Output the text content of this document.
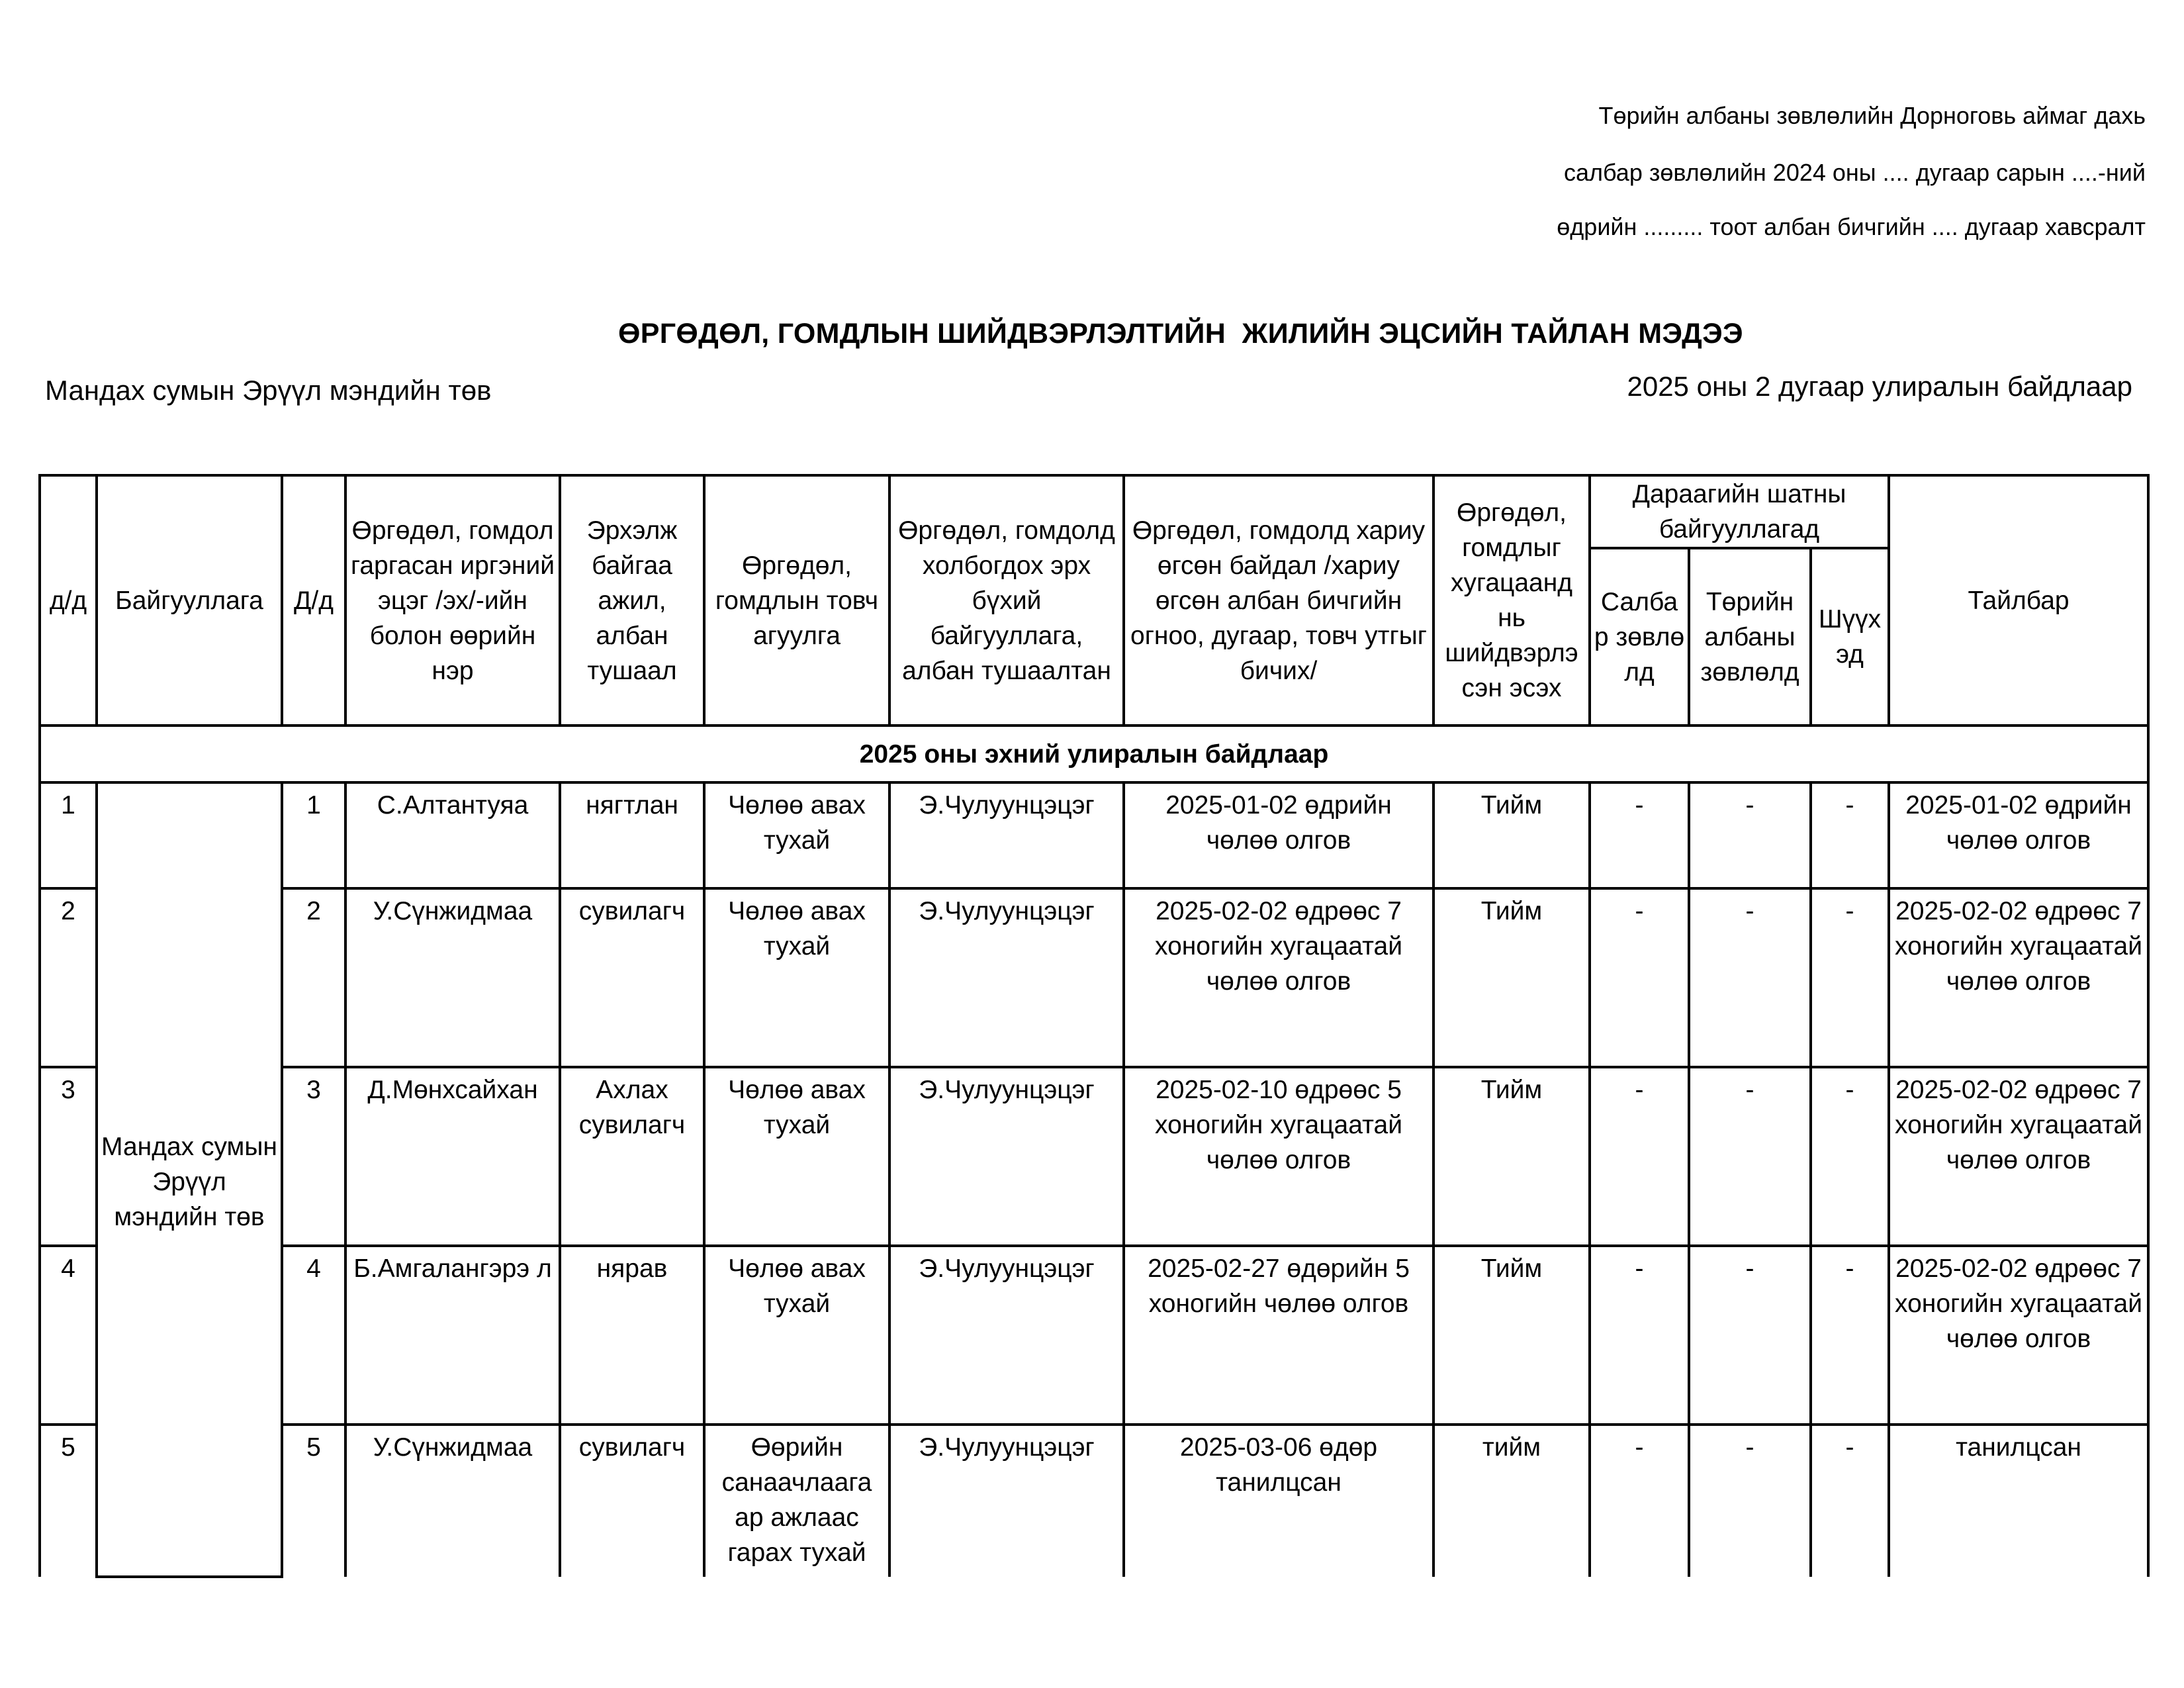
Төрийн албаны зөвлөлийн Дорноговь аймаг дахь
салбар зөвлөлийн 2024 оны .... дугаар сарын ....-ний
өдрийн ......... тоот албан бичгийн .... дугаар хавсралт
ӨРГӨДӨЛ, ГОМДЛЫН ШИЙДВЭРЛЭЛТИЙН  ЖИЛИЙН ЭЦСИЙН ТАЙЛАН МЭДЭЭ
Мандах сумын Эрүүл мэндийн төв	2025 оны 2 дугаар улиралын байдлаар
д/д	Байгууллага	Д/д	Өргөдөл, гомдол гаргасан иргэний эцэг /эх/-ийн болон өөрийн нэр	Эрхэлж байгаа ажил, албан тушаал	Өргөдөл, гомдлын товч агуулга	Өргөдөл, гомдолд холбогдох эрх бүхий байгууллага, албан тушаалтан	Өргөдөл, гомдолд хариу өгсөн байдал /хариу өгсөн албан бичгийн огноо, дугаар, товч утгыг бичих/	Өргөдөл, гомдлыг хугацаанд нь шийдвэрлэ сэн эсэх	Дараагийн шатны байгууллагад			Тайлбар
									Салба р зөвлө лд	Төрийн албаны зөвлөлд	Шүүх эд	
2025 оны эхний улиралын байдлаар												
1	Мандах сумын Эрүүл мэндийн төв	1	С.Алтантуяа	нягтлан	Чөлөө авах тухай	Э.Чулуунцэцэг	2025-01-02 өдрийн чөлөө олгов	Тийм	-	-	-	2025-01-02 өдрийн чөлөө олгов
2		2	У.Сүнжидмаа	сувилагч	Чөлөө авах тухай	Э.Чулуунцэцэг	2025-02-02 өдрөөс 7 хоногийн хугацаатай чөлөө олгов	Тийм	-	-	-	2025-02-02 өдрөөс 7 хоногийн хугацаатай чөлөө олгов
3		3	Д.Мөнхсайхан	Ахлах сувилагч	Чөлөө авах тухай	Э.Чулуунцэцэг	2025-02-10 өдрөөс 5 хоногийн хугацаатай чөлөө олгов	Тийм	-	-	-	2025-02-02 өдрөөс 7 хоногийн хугацаатай чөлөө олгов
4		4	Б.Амгалангэрэ л	нярав	Чөлөө авах тухай	Э.Чулуунцэцэг	2025-02-27 өдөрийн 5 хоногийн чөлөө олгов	Тийм	-	-	-	2025-02-02 өдрөөс 7 хоногийн хугацаатай чөлөө олгов
5		5	У.Сүнжидмаа	сувилагч	Өөрийн санаачлаага ар ажлаас гарах тухай	Э.Чулуунцэцэг	2025-03-06 өдөр танилцсан	тийм	-	-	-	танилцсан
